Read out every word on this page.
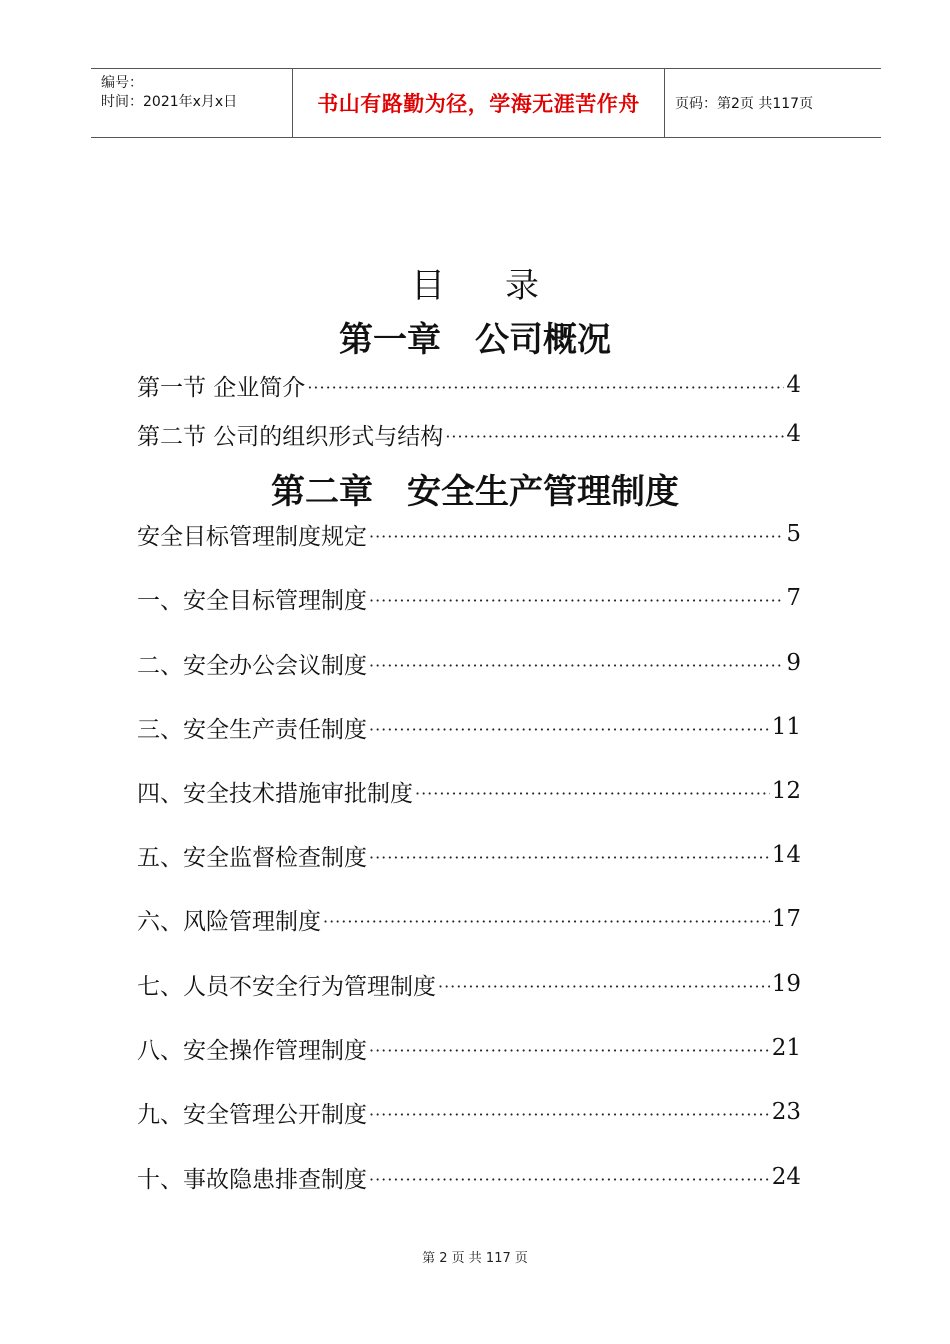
编号：
时间：2021年x月x日	书山有路勤为径，学海无涯苦作舟	页码：第2页 共117页
目 录
第一章 公司概况
第一节 企业简介 ·····	4
第二节 公司的组织形式与结构 ·····	4
第二章 安全生产管理制度
安全目标管理制度规定 ·····	5
一、安全目标管理制度 ·····	7
二、安全办公会议制度 ·····	9
三、安全生产责任制度 ·····	11
四、安全技术措施审批制度 ·····	12
五、安全监督检查制度 ·····	14
六、风险管理制度 ·····	17
七、人员不安全行为管理制度 ·····	19
八、安全操作管理制度 ·····	21
九、安全管理公开制度 ·····	23
十、事故隐患排查制度 ·····	24
第 2 页 共 117 页
